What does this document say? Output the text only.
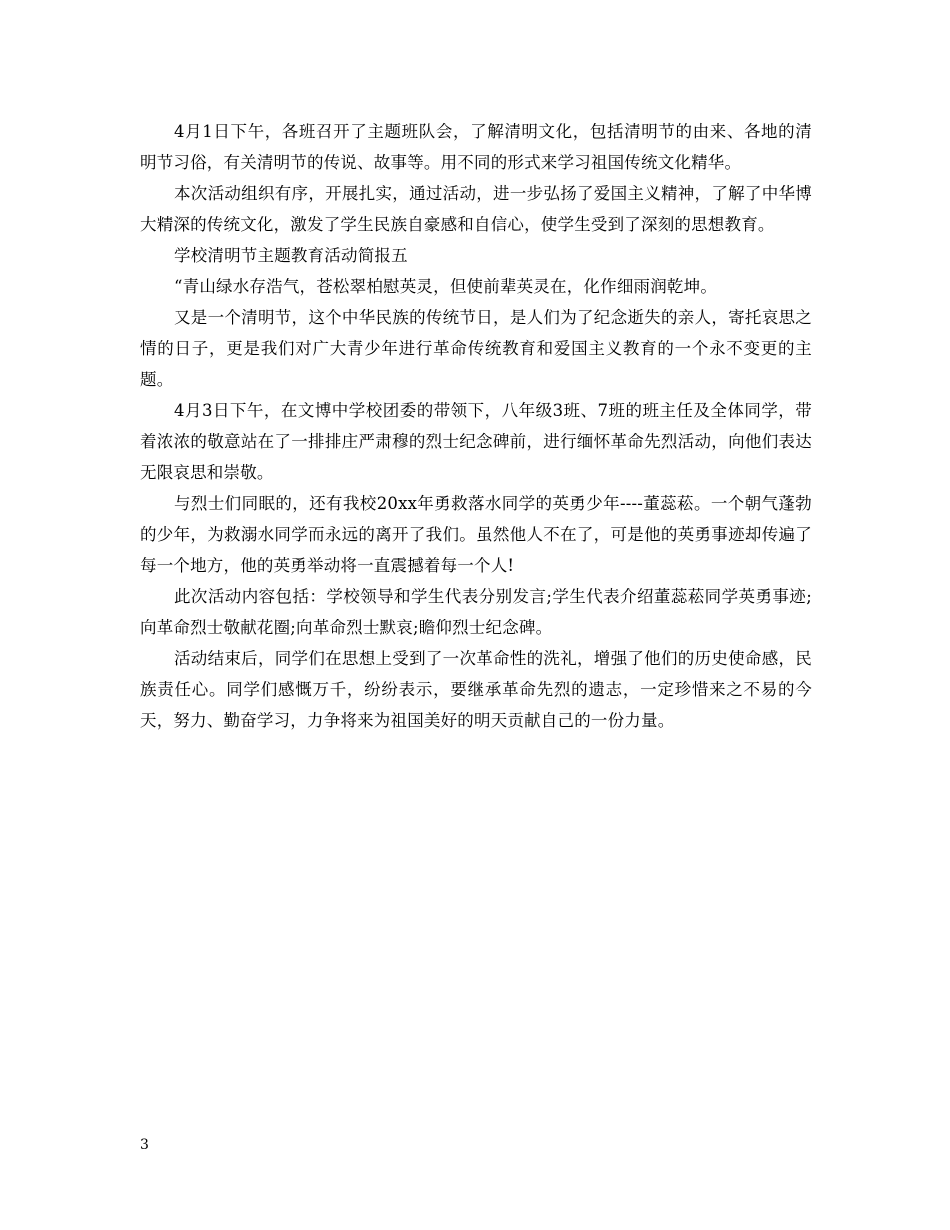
4月1日下午，各班召开了主题班队会，了解清明文化，包括清明节的由来、各地的清明节习俗，有关清明节的传说、故事等。用不同的形式来学习祖国传统文化精华。

本次活动组织有序，开展扎实，通过活动，进一步弘扬了爱国主义精神，了解了中华博大精深的传统文化，激发了学生民族自豪感和自信心，使学生受到了深刻的思想教育。

学校清明节主题教育活动简报五

“青山绿水存浩气，苍松翠柏慰英灵，但使前辈英灵在，化作细雨润乾坤。

又是一个清明节，这个中华民族的传统节日，是人们为了纪念逝失的亲人，寄托哀思之情的日子，更是我们对广大青少年进行革命传统教育和爱国主义教育的一个永不变更的主题。

4月3日下午，在文博中学校团委的带领下，八年级3班、7班的班主任及全体同学，带着浓浓的敬意站在了一排排庄严肃穆的烈士纪念碑前，进行缅怀革命先烈活动，向他们表达无限哀思和崇敬。

与烈士们同眠的，还有我校20xx年勇救落水同学的英勇少年----董蕊菘。一个朝气蓬勃的少年，为救溺水同学而永远的离开了我们。虽然他人不在了，可是他的英勇事迹却传遍了每一个地方，他的英勇举动将一直震撼着每一个人!

此次活动内容包括：学校领导和学生代表分别发言;学生代表介绍董蕊菘同学英勇事迹;向革命烈士敬献花圈;向革命烈士默哀;瞻仰烈士纪念碑。

活动结束后，同学们在思想上受到了一次革命性的洗礼，增强了他们的历史使命感，民族责任心。同学们感慨万千，纷纷表示，要继承革命先烈的遗志，一定珍惜来之不易的今天，努力、勤奋学习，力争将来为祖国美好的明天贡献自己的一份力量。

3
